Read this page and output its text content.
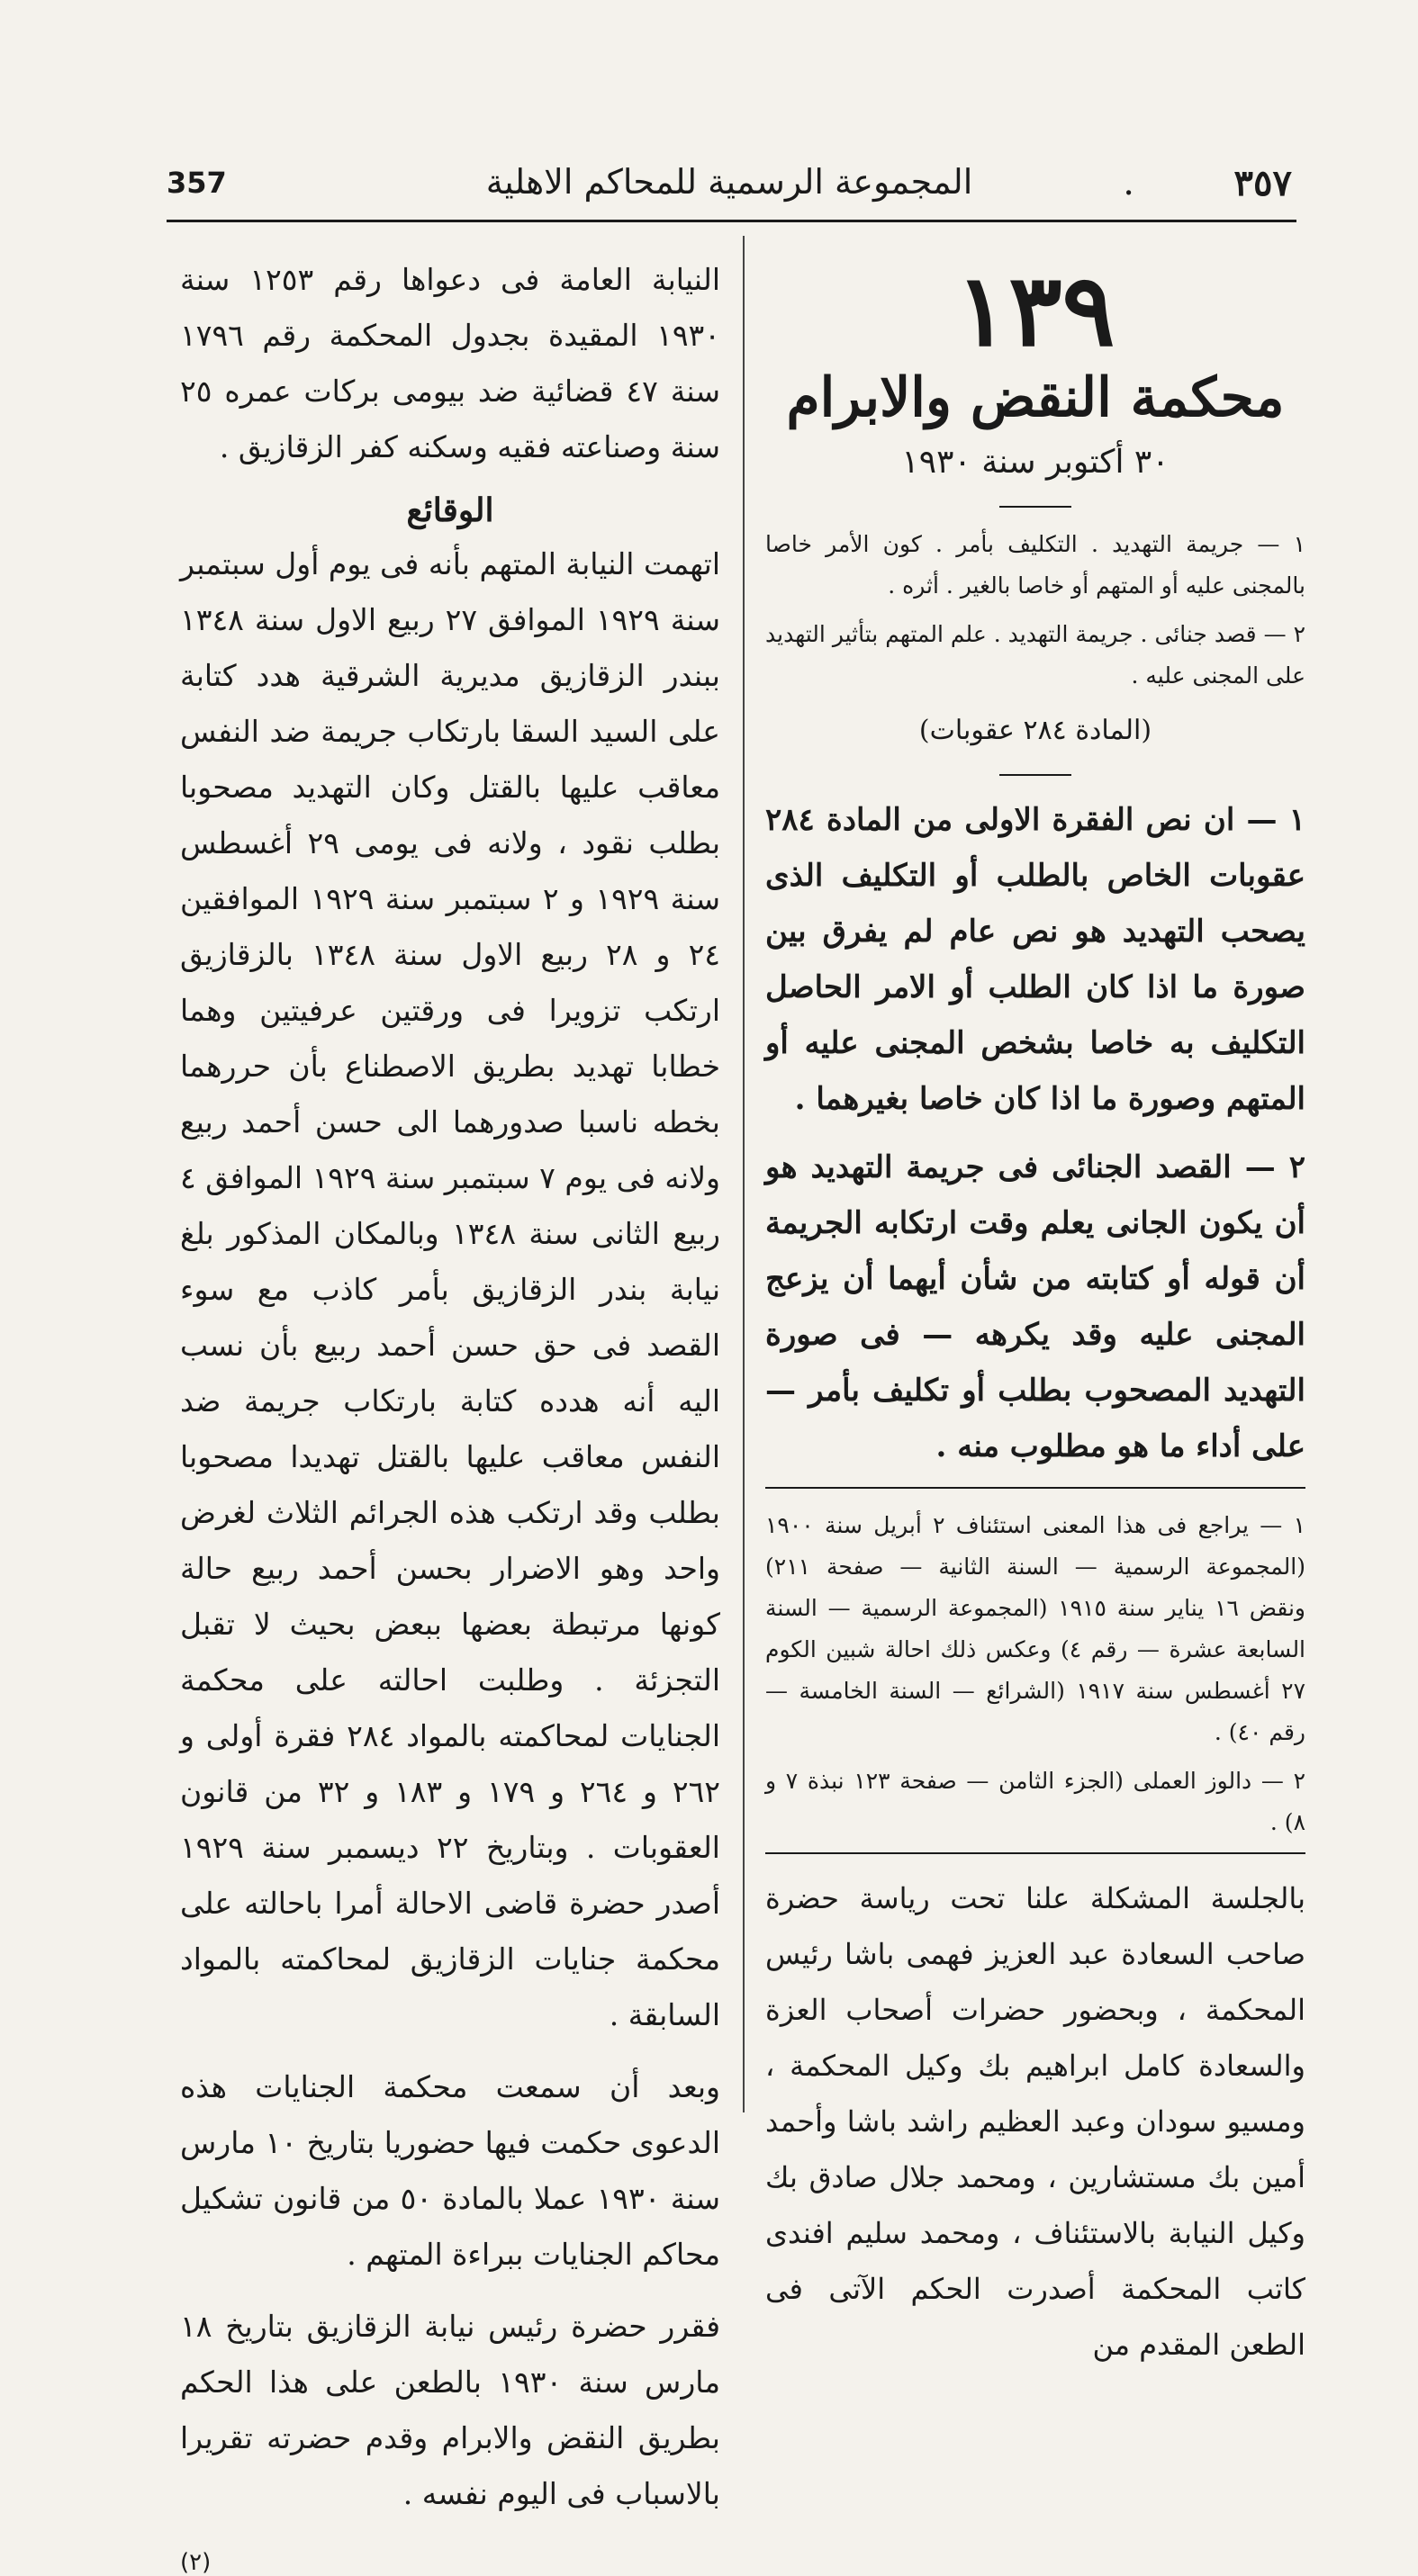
٣٥٧
.
المجموعة الرسمية للمحاكم الاهلية
357
١٣٩
محكمة النقض والابرام
٣٠ أكتوبر سنة ١٩٣٠

١ — جريمة التهديد . التكليف بأمر . كون الأمر خاصا بالمجنى عليه أو المتهم أو خاصا بالغير . أثره .

٢ — قصد جنائى . جريمة التهديد . علم المتهم بتأثير التهديد على المجنى عليه .

(المادة ٢٨٤ عقوبات)

١ — ان نص الفقرة الاولى من المادة ٢٨٤ عقوبات الخاص بالطلب أو التكليف الذى يصحب التهديد هو نص عام لم يفرق بين صورة ما اذا كان الطلب أو الامر الحاصل التكليف به خاصا بشخص المجنى عليه أو المتهم وصورة ما اذا كان خاصا بغيرهما .

٢ — القصد الجنائى فى جريمة التهديد هو أن يكون الجانى يعلم وقت ارتكابه الجريمة أن قوله أو كتابته من شأن أيهما أن يزعج المجنى عليه وقد يكرهه — فى صورة التهديد المصحوب بطلب أو تكليف بأمر — على أداء ما هو مطلوب منه .

١ — يراجع فى هذا المعنى استئناف ٢ أبريل سنة ١٩٠٠ (المجموعة الرسمية — السنة الثانية — صفحة ٢١١) ونقض ١٦ يناير سنة ١٩١٥ (المجموعة الرسمية — السنة السابعة عشرة — رقم ٤) وعكس ذلك احالة شبين الكوم ٢٧ أغسطس سنة ١٩١٧ (الشرائع — السنة الخامسة — رقم ٤٠) .

٢ — دالوز العملى (الجزء الثامن — صفحة ١٢٣ نبذة ٧ و ٨) .

بالجلسة المشكلة علنا تحت رياسة حضرة صاحب السعادة عبد العزيز فهمى باشا رئيس المحكمة ، وبحضور حضرات أصحاب العزة والسعادة كامل ابراهيم بك وكيل المحكمة ، ومسيو سودان وعبد العظيم راشد باشا وأحمد أمين بك مستشارين ، ومحمد جلال صادق بك وكيل النيابة بالاستئناف ، ومحمد سليم افندى كاتب المحكمة أصدرت الحكم الآتى فى الطعن المقدم من

النيابة العامة فى دعواها رقم ١٢٥٣ سنة ١٩٣٠ المقيدة بجدول المحكمة رقم ١٧٩٦ سنة ٤٧ قضائية ضد بيومى بركات عمره ٢٥ سنة وصناعته فقيه وسكنه كفر الزقازيق .

الوقائع

اتهمت النيابة المتهم بأنه فى يوم أول سبتمبر سنة ١٩٢٩ الموافق ٢٧ ربيع الاول سنة ١٣٤٨ ببندر الزقازيق مديرية الشرقية هدد كتابة على السيد السقا بارتكاب جريمة ضد النفس معاقب عليها بالقتل وكان التهديد مصحوبا بطلب نقود ، ولانه فى يومى ٢٩ أغسطس سنة ١٩٢٩ و ٢ سبتمبر سنة ١٩٢٩ الموافقين ٢٤ و ٢٨ ربيع الاول سنة ١٣٤٨ بالزقازيق ارتكب تزويرا فى ورقتين عرفيتين وهما خطابا تهديد بطريق الاصطناع بأن حررهما بخطه ناسبا صدورهما الى حسن أحمد ربيع ولانه فى يوم ٧ سبتمبر سنة ١٩٢٩ الموافق ٤ ربيع الثانى سنة ١٣٤٨ وبالمكان المذكور بلغ نيابة بندر الزقازيق بأمر كاذب مع سوء القصد فى حق حسن أحمد ربيع بأن نسب اليه أنه هدده كتابة بارتكاب جريمة ضد النفس معاقب عليها بالقتل تهديدا مصحوبا بطلب وقد ارتكب هذه الجرائم الثلاث لغرض واحد وهو الاضرار بحسن أحمد ربيع حالة كونها مرتبطة بعضها ببعض بحيث لا تقبل التجزئة . وطلبت احالته على محكمة الجنايات لمحاكمته بالمواد ٢٨٤ فقرة أولى و ٢٦٢ و ٢٦٤ و ١٧٩ و ١٨٣ و ٣٢ من قانون العقوبات . وبتاريخ ٢٢ ديسمبر سنة ١٩٢٩ أصدر حضرة قاضى الاحالة أمرا باحالته على محكمة جنايات الزقازيق لمحاكمته بالمواد السابقة .

وبعد أن سمعت محكمة الجنايات هذه الدعوى حكمت فيها حضوريا بتاريخ ١٠ مارس سنة ١٩٣٠ عملا بالمادة ٥٠ من قانون تشكيل محاكم الجنايات ببراءة المتهم .

فقرر حضرة رئيس نيابة الزقازيق بتاريخ ١٨ مارس سنة ١٩٣٠ بالطعن على هذا الحكم بطريق النقض والابرام وقدم حضرته تقريرا بالاسباب فى اليوم نفسه .

(٢)
